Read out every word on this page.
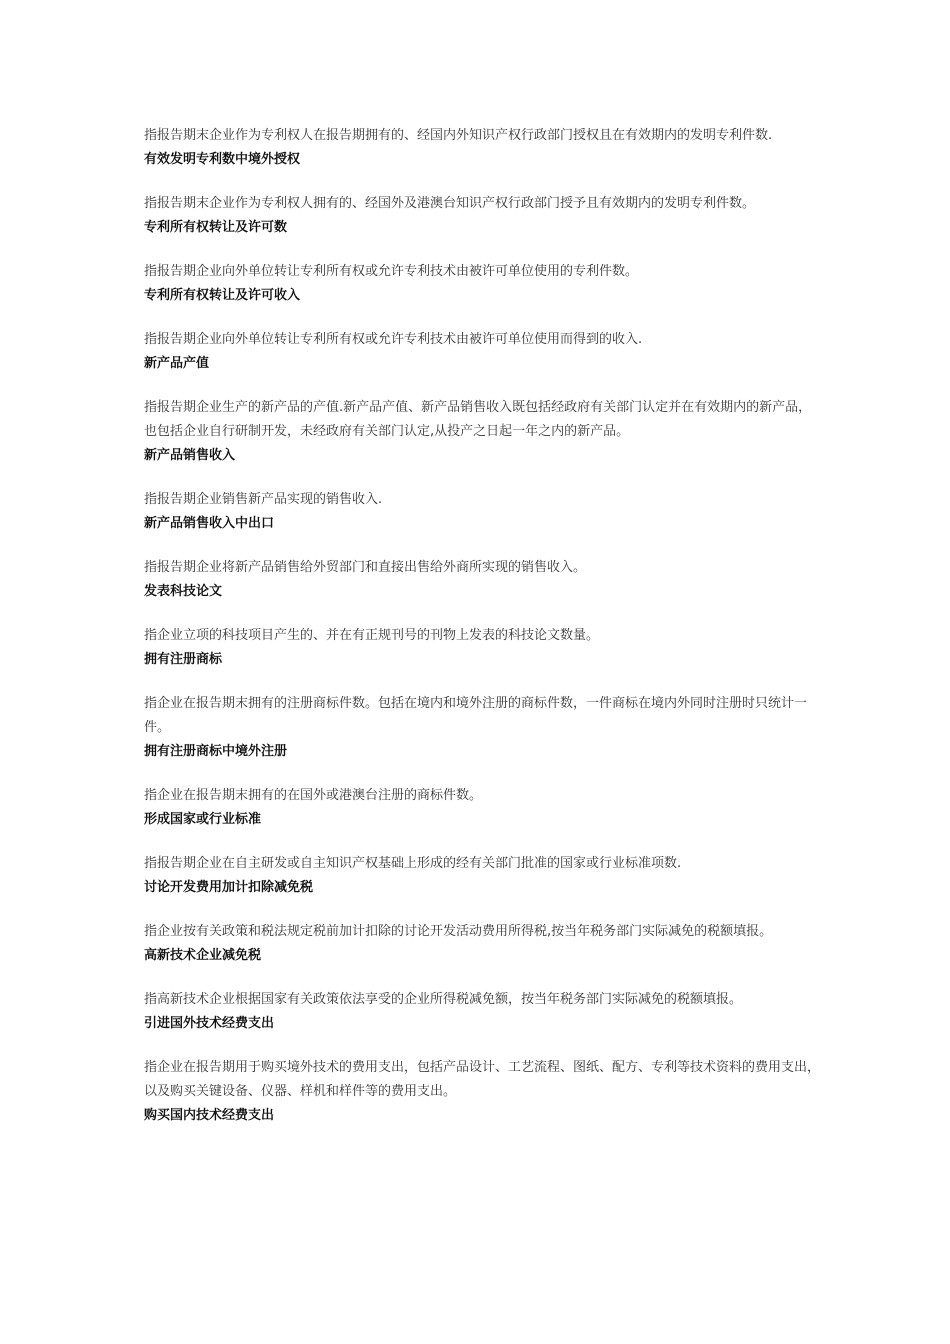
指报告期末企业作为专利权人在报告期拥有的、经国内外知识产权行政部门授权且在有效期内的发明专利件数.

有效发明专利数中境外授权

指报告期末企业作为专利权人拥有的、经国外及港澳台知识产权行政部门授予且有效期内的发明专利件数。

专利所有权转让及许可数

指报告期企业向外单位转让专利所有权或允许专利技术由被许可单位使用的专利件数。

专利所有权转让及许可收入

指报告期企业向外单位转让专利所有权或允许专利技术由被许可单位使用而得到的收入.

新产品产值

指报告期企业生产的新产品的产值.新产品产值、新产品销售收入既包括经政府有关部门认定并在有效期内的新产品，也包括企业自行研制开发，未经政府有关部门认定,从投产之日起一年之内的新产品。

新产品销售收入

指报告期企业销售新产品实现的销售收入.

新产品销售收入中出口

指报告期企业将新产品销售给外贸部门和直接出售给外商所实现的销售收入。

发表科技论文

指企业立项的科技项目产生的、并在有正规刊号的刊物上发表的科技论文数量。

拥有注册商标

指企业在报告期末拥有的注册商标件数。包括在境内和境外注册的商标件数，一件商标在境内外同时注册时只统计一件。

拥有注册商标中境外注册

指企业在报告期末拥有的在国外或港澳台注册的商标件数。

形成国家或行业标准

指报告期企业在自主研发或自主知识产权基础上形成的经有关部门批准的国家或行业标准项数.

讨论开发费用加计扣除减免税

指企业按有关政策和税法规定税前加计扣除的讨论开发活动费用所得税,按当年税务部门实际减免的税额填报。

高新技术企业减免税

指高新技术企业根据国家有关政策依法享受的企业所得税减免额，按当年税务部门实际减免的税额填报。

引进国外技术经费支出

指企业在报告期用于购买境外技术的费用支出，包括产品设计、工艺流程、图纸、配方、专利等技术资料的费用支出，以及购买关键设备、仪器、样机和样件等的费用支出。

购买国内技术经费支出
